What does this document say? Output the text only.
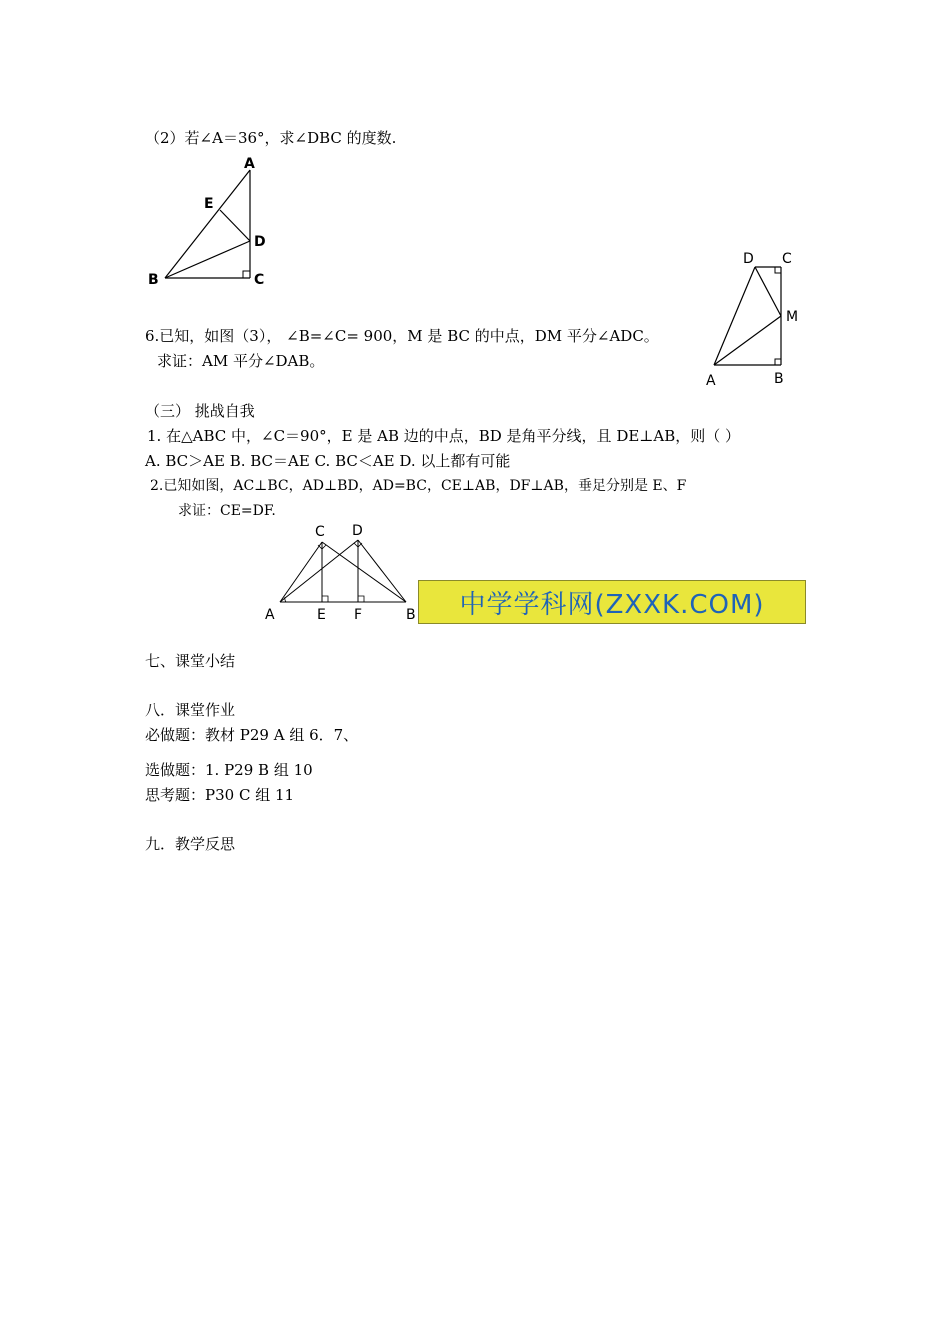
（2）若∠A＝36°，求∠DBC 的度数.
A
E
D
B	C
6.已知，如图（3）， ∠B=∠C= 900，M 是 BC 的中点，DM 平分∠ADC。
求证：AM 平分∠DAB。
D C
M
A	B
（三） 挑战自我
1. 在△ABC 中，∠C＝90°，E 是 AB 边的中点，BD 是角平分线，且 DE⊥AB，则（ ）
A. BC＞AE B. BC＝AE C. BC＜AE D. 以上都有可能
2.已知如图，AC⊥BC，AD⊥BD，AD=BC，CE⊥AB，DF⊥AB，垂足分别是 E、F
求证：CE=DF.
C D
A	E F	B	中学学科网(ZXXK.COM)
七、课堂小结
八．课堂作业
必做题：教材 P29 A 组 6．7、
选做题：1. P29 B 组 10
思考题：P30 C 组 11
九．教学反思
